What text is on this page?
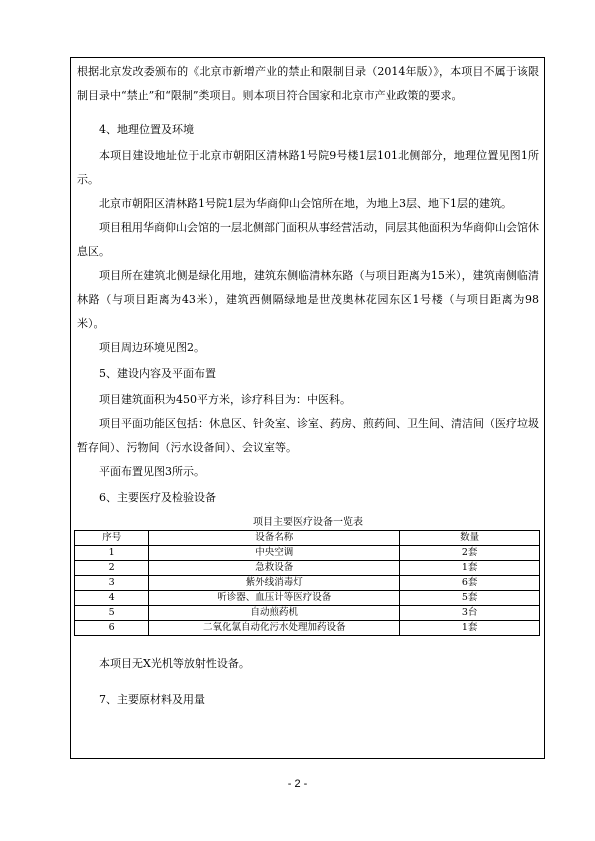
根据北京发改委颁布的《北京市新增产业的禁止和限制目录（2014年版）》，本项目不属于该限制目录中“禁止”和“限制”类项目。则本项目符合国家和北京市产业政策的要求。

4、地理位置及环境

本项目建设地址位于北京市朝阳区清林路1号院9号楼1层101北侧部分，地理位置见图1所示。

北京市朝阳区清林路1号院1层为华商仰山会馆所在地，为地上3层、地下1层的建筑。

项目租用华商仰山会馆的一层北侧部门面积从事经营活动，同层其他面积为华商仰山会馆休息区。

项目所在建筑北侧是绿化用地，建筑东侧临清林东路（与项目距离为15米），建筑南侧临清林路（与项目距离为43米），建筑西侧隔绿地是世茂奥林花园东区1号楼（与项目距离为98米）。

项目周边环境见图2。

5、建设内容及平面布置

项目建筑面积为450平方米，诊疗科目为：中医科。

项目平面功能区包括：休息区、针灸室、诊室、药房、煎药间、卫生间、清洁间（医疗垃圾暂存间）、污物间（污水设备间）、会议室等。

平面布置见图3所示。

6、主要医疗及检验设备

项目主要医疗设备一览表
序号	设备名称	数量
1	中央空调	2套
2	急救设备	1套
3	紫外线消毒灯	6套
4	听诊器、血压计等医疗设备	5套
5	自动煎药机	3台
6	二氧化氯自动化污水处理加药设备	1套

本项目无X光机等放射性设备。

7、主要原材料及用量

- 2 -
